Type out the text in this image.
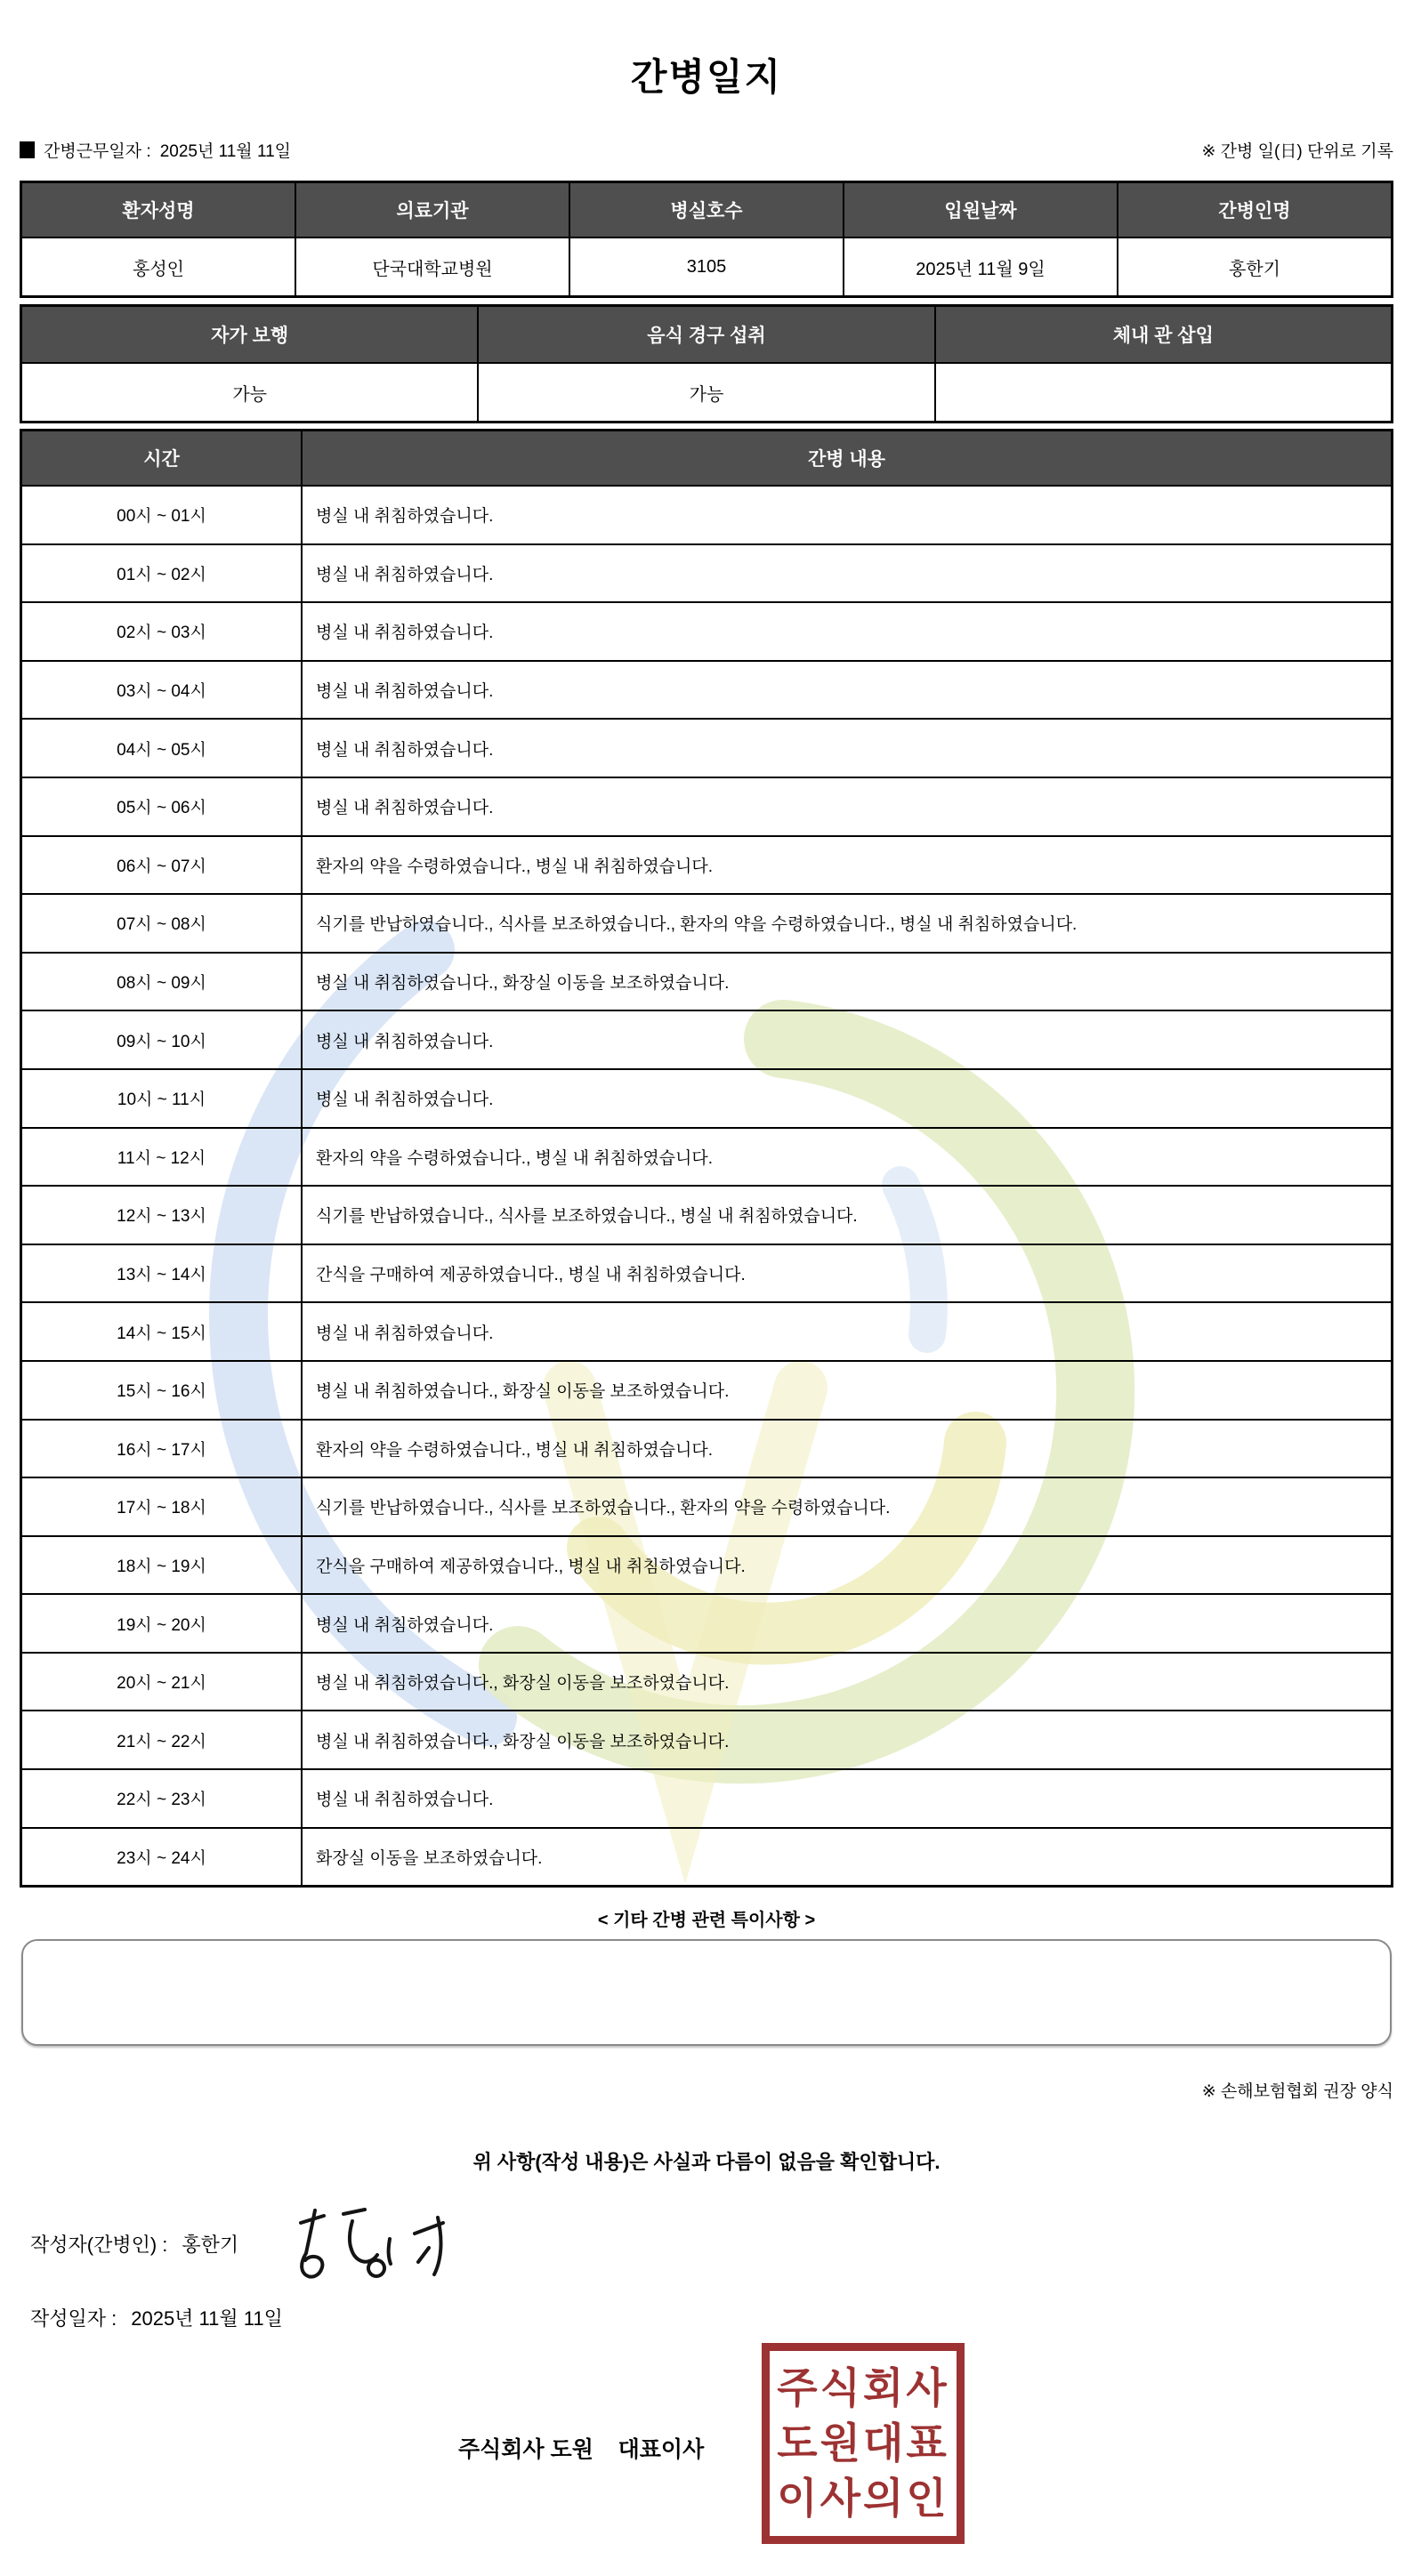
간병일지
간병근무일자 : 2025년 11월 11일	※ 간병 일(日) 단위로 기록
환자성명	의료기관	병실호수	입원날짜	간병인명
홍성인	단국대학교병원	3105	2025년 11월 9일	홍한기
자가 보행	음식 경구 섭취	체내 관 삽입
가능	가능
시간	간병 내용
00시 ~ 01시	병실 내 취침하였습니다.
01시 ~ 02시	병실 내 취침하였습니다.
02시 ~ 03시	병실 내 취침하였습니다.
03시 ~ 04시	병실 내 취침하였습니다.
04시 ~ 05시	병실 내 취침하였습니다.
05시 ~ 06시	병실 내 취침하였습니다.
06시 ~ 07시	환자의 약을 수령하였습니다., 병실 내 취침하였습니다.
07시 ~ 08시	식기를 반납하였습니다., 식사를 보조하였습니다., 환자의 약을 수령하였습니다., 병실 내 취침하였습니다.
08시 ~ 09시	병실 내 취침하였습니다., 화장실 이동을 보조하였습니다.
09시 ~ 10시	병실 내 취침하였습니다.
10시 ~ 11시	병실 내 취침하였습니다.
11시 ~ 12시	환자의 약을 수령하였습니다., 병실 내 취침하였습니다.
12시 ~ 13시	식기를 반납하였습니다., 식사를 보조하였습니다., 병실 내 취침하였습니다.
13시 ~ 14시	간식을 구매하여 제공하였습니다., 병실 내 취침하였습니다.
14시 ~ 15시	병실 내 취침하였습니다.
15시 ~ 16시	병실 내 취침하였습니다., 화장실 이동을 보조하였습니다.
16시 ~ 17시	환자의 약을 수령하였습니다., 병실 내 취침하였습니다.
17시 ~ 18시	식기를 반납하였습니다., 식사를 보조하였습니다., 환자의 약을 수령하였습니다.
18시 ~ 19시	간식을 구매하여 제공하였습니다., 병실 내 취침하였습니다.
19시 ~ 20시	병실 내 취침하였습니다.
20시 ~ 21시	병실 내 취침하였습니다., 화장실 이동을 보조하였습니다.
21시 ~ 22시	병실 내 취침하였습니다., 화장실 이동을 보조하였습니다.
22시 ~ 23시	병실 내 취침하였습니다.
23시 ~ 24시	화장실 이동을 보조하였습니다.
< 기타 간병 관련 특이사항 >
※ 손해보험협회 권장 양식
위 사항(작성 내용)은 사실과 다름이 없음을 확인합니다.
작성자(간병인) : 홍한기
작성일자 : 2025년 11월 11일
주식회사 도원    대표이사
주식회사
도원대표
이사의인
